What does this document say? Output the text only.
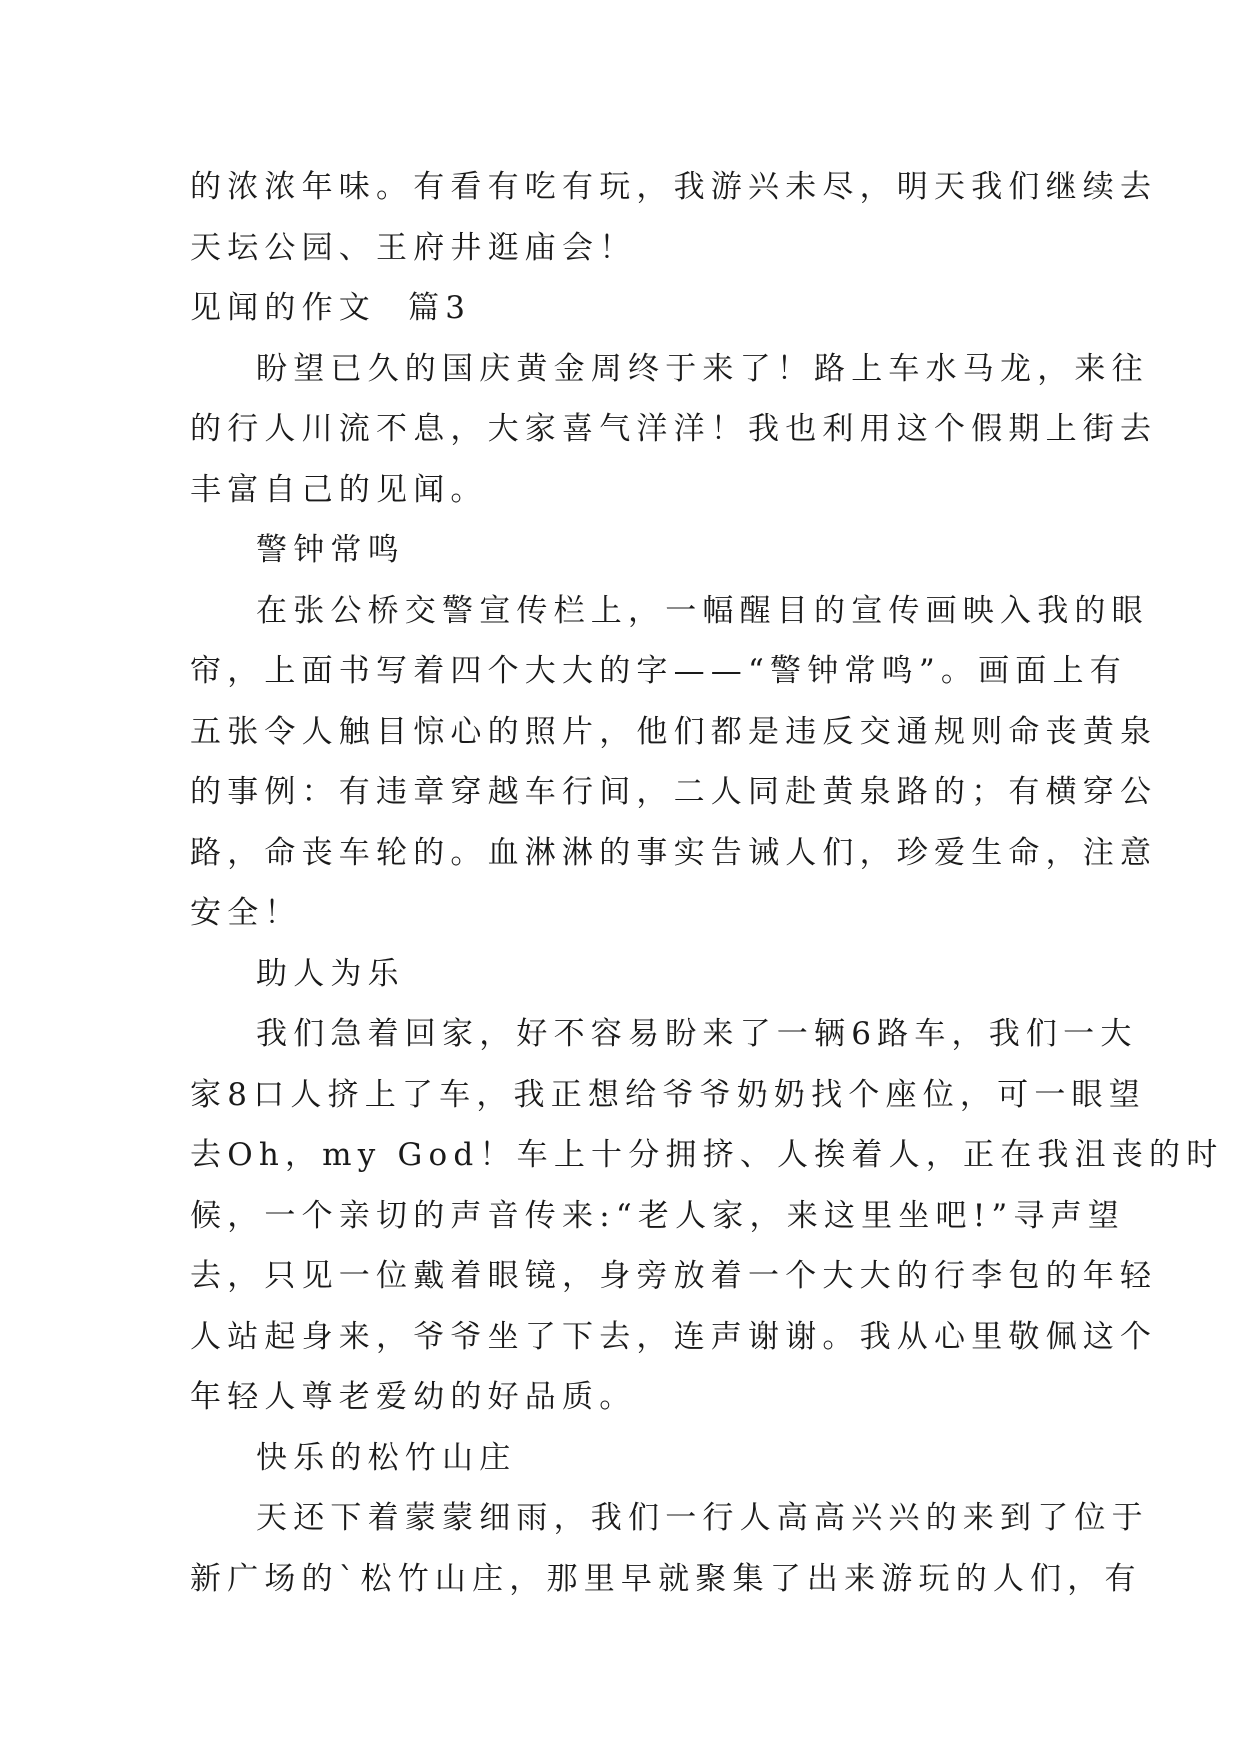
的浓浓年味。有看有吃有玩，我游兴未尽，明天我们继续去
天坛公园、王府井逛庙会！
见闻的作文  篇3
盼望已久的国庆黄金周终于来了！路上车水马龙，来往
的行人川流不息，大家喜气洋洋！我也利用这个假期上街去
丰富自己的见闻。
警钟常鸣
在张公桥交警宣传栏上，一幅醒目的宣传画映入我的眼
帘，上面书写着四个大大的字——“警钟常鸣”。画面上有
五张令人触目惊心的照片，他们都是违反交通规则命丧黄泉
的事例：有违章穿越车行间，二人同赴黄泉路的；有横穿公
路，命丧车轮的。血淋淋的事实告诫人们，珍爱生命，注意
安全！
助人为乐
我们急着回家，好不容易盼来了一辆6路车，我们一大
家8口人挤上了车，我正想给爷爷奶奶找个座位，可一眼望
去Oh，my God！车上十分拥挤、人挨着人，正在我沮丧的时
候，一个亲切的声音传来:“老人家，来这里坐吧!”寻声望
去，只见一位戴着眼镜，身旁放着一个大大的行李包的年轻
人站起身来，爷爷坐了下去，连声谢谢。我从心里敬佩这个
年轻人尊老爱幼的好品质。
快乐的松竹山庄
天还下着蒙蒙细雨，我们一行人高高兴兴的来到了位于
新广场的`松竹山庄，那里早就聚集了出来游玩的人们，有
